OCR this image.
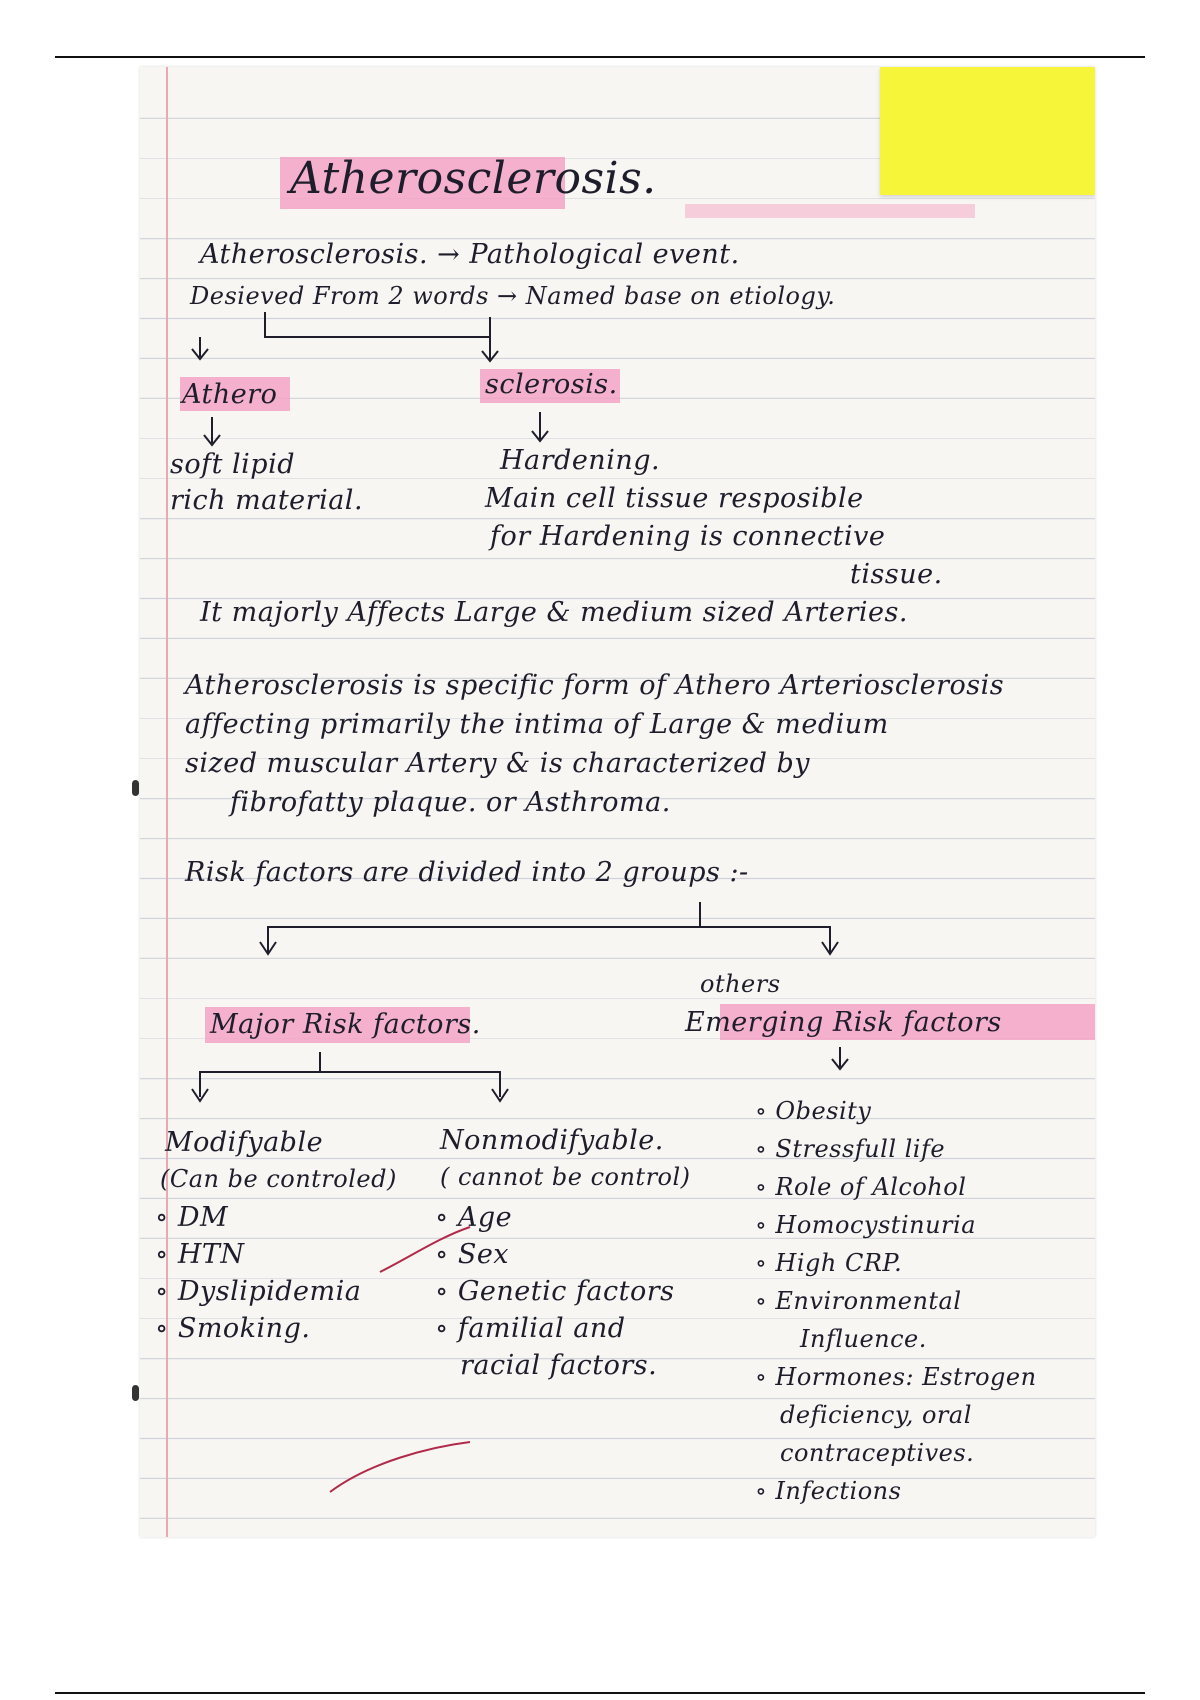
Atherosclerosis.
Atherosclerosis. → Pathological event.
Desieved From 2 words → Named base on etiology.
Athero	sclerosis.
soft lipid
rich material.
Hardening.
Main cell tissue resposible
for Hardening is connective
tissue.
It majorly Affects Large & medium sized Arteries.
Atherosclerosis is specific form of Athero Arteriosclerosis
affecting primarily the intima of Large & medium
sized muscular Artery & is characterized by
fibrofatty plaque. or Asthroma.
Risk factors are divided into 2 groups :-
others
Major Risk factors.	Emerging Risk factors
Modifyable
(Can be controled)
Nonmodifyable.
( cannot be control)
∘ DM
∘ HTN
∘ Dyslipidemia
∘ Smoking.
∘ Age
∘ Sex
∘ Genetic factors
∘ familial and
racial factors.
∘ Obesity
∘ Stressfull life
∘ Role of Alcohol
∘ Homocystinuria
∘ High CRP.
∘ Environmental
Influence.
∘ Hormones: Estrogen
deficiency, oral
contraceptives.
∘ Infections
